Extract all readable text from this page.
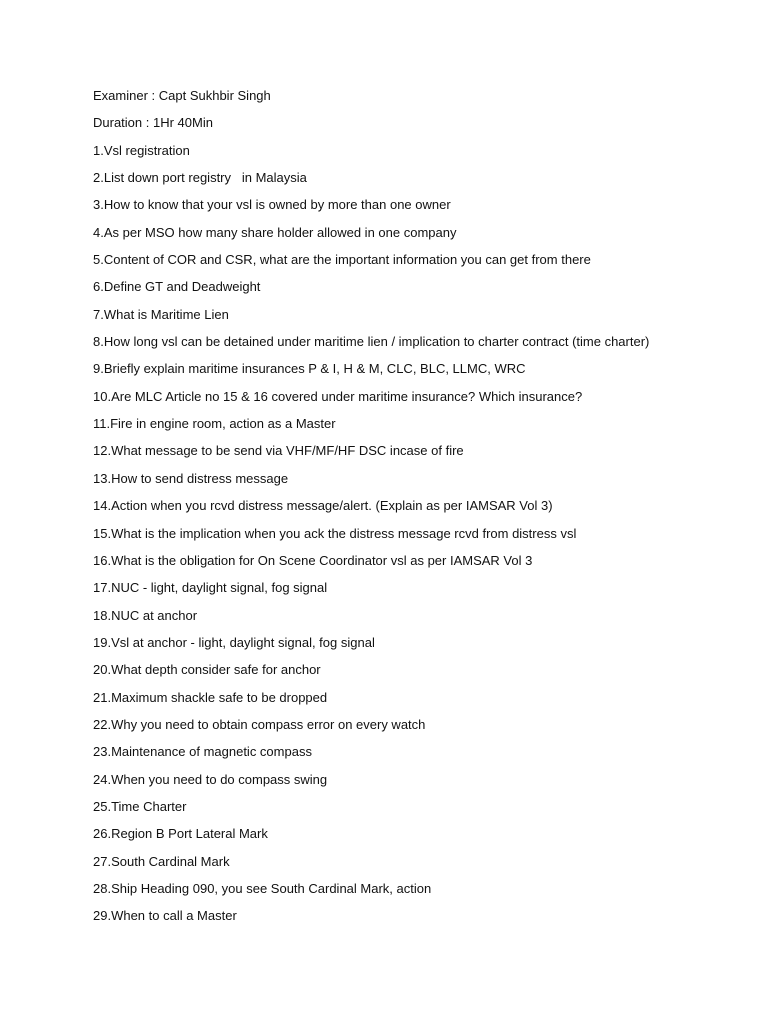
Examiner : Capt Sukhbir Singh
Duration : 1Hr 40Min
1.Vsl registration
2.List down port registry   in Malaysia
3.How to know that your vsl is owned by more than one owner
4.As per MSO how many share holder allowed in one company
5.Content of COR and CSR, what are the important information you can get from there
6.Define GT and Deadweight
7.What is Maritime Lien
8.How long vsl can be detained under maritime lien / implication to charter contract (time charter)
9.Briefly explain maritime insurances P & I, H & M, CLC, BLC, LLMC, WRC
10.Are MLC Article no 15 & 16 covered under maritime insurance? Which insurance?
11.Fire in engine room, action as a Master
12.What message to be send via VHF/MF/HF DSC incase of fire
13.How to send distress message
14.Action when you rcvd distress message/alert. (Explain as per IAMSAR Vol 3)
15.What is the implication when you ack the distress message rcvd from distress vsl
16.What is the obligation for On Scene Coordinator vsl as per IAMSAR Vol 3
17.NUC - light, daylight signal, fog signal
18.NUC at anchor
19.Vsl at anchor - light, daylight signal, fog signal
20.What depth consider safe for anchor
21.Maximum shackle safe to be dropped
22.Why you need to obtain compass error on every watch
23.Maintenance of magnetic compass
24.When you need to do compass swing
25.Time Charter
26.Region B Port Lateral Mark
27.South Cardinal Mark
28.Ship Heading 090, you see South Cardinal Mark, action
29.When to call a Master
